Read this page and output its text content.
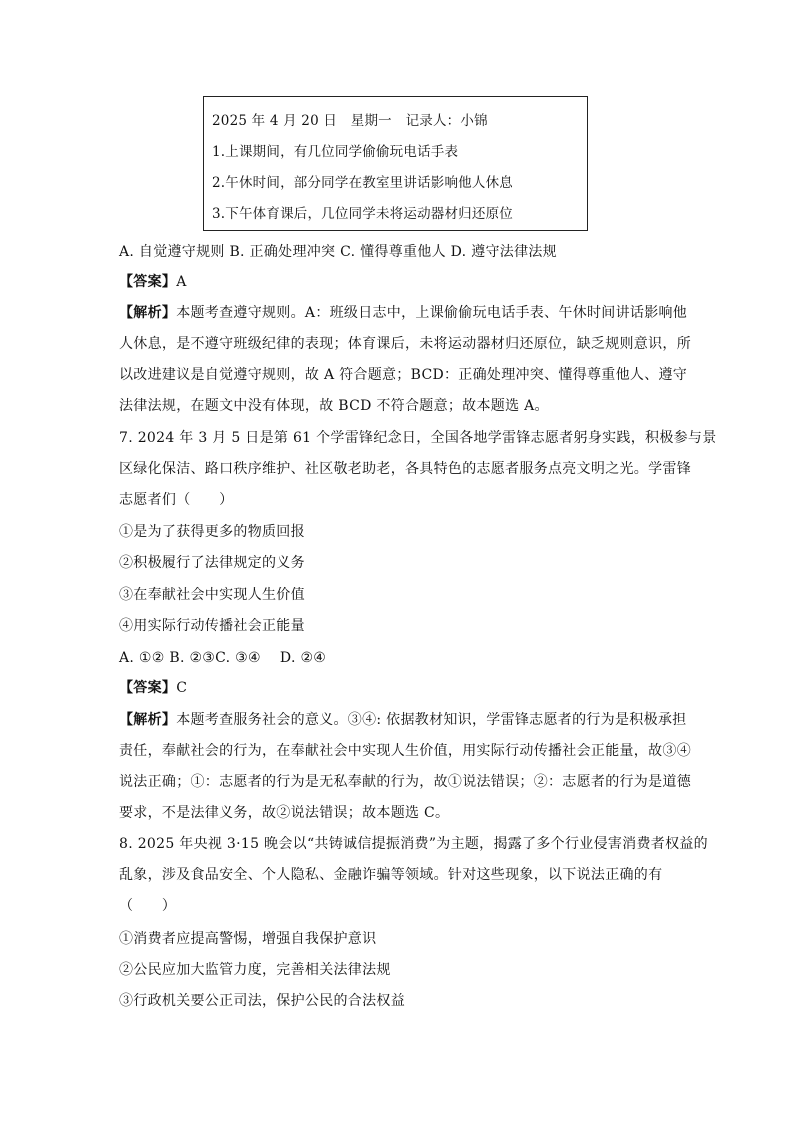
2025 年 4 月 20 日　星期一　记录人：小锦
1.上课期间，有几位同学偷偷玩电话手表
2.午休时间，部分同学在教室里讲话影响他人休息
3.下午体育课后，几位同学未将运动器材归还原位
A. 自觉遵守规则 B. 正确处理冲突 C. 懂得尊重他人 D. 遵守法律法规
【答案】A
【解析】本题考查遵守规则。A：班级日志中，上课偷偷玩电话手表、午休时间讲话影响他
人休息，是不遵守班级纪律的表现；体育课后，未将运动器材归还原位，缺乏规则意识，所
以改进建议是自觉遵守规则，故 A 符合题意；BCD：正确处理冲突、懂得尊重他人、遵守
法律法规，在题文中没有体现，故 BCD 不符合题意；故本题选 A。
7. 2024 年 3 月 5 日是第 61 个学雷锋纪念日，全国各地学雷锋志愿者躬身实践，积极参与景
区绿化保洁、路口秩序维护、社区敬老助老，各具特色的志愿者服务点亮文明之光。学雷锋
志愿者们（　　）
①是为了获得更多的物质回报
②积极履行了法律规定的义务
③在奉献社会中实现人生价值
④用实际行动传播社会正能量
A. ①② B. ②③C. ③④　 D. ②④
【答案】C
【解析】本题考查服务社会的意义。③④: 依据教材知识，学雷锋志愿者的行为是积极承担
责任，奉献社会的行为，在奉献社会中实现人生价值，用实际行动传播社会正能量，故③④
说法正确；①：志愿者的行为是无私奉献的行为，故①说法错误；②：志愿者的行为是道德
要求，不是法律义务，故②说法错误；故本题选 C。
8. 2025 年央视 3·15 晚会以“共铸诚信提振消费”为主题，揭露了多个行业侵害消费者权益的
乱象，涉及食品安全、个人隐私、金融诈骗等领域。针对这些现象，以下说法正确的有
（　　）
①消费者应提高警惕，增强自我保护意识
②公民应加大监管力度，完善相关法律法规
③行政机关要公正司法，保护公民的合法权益
